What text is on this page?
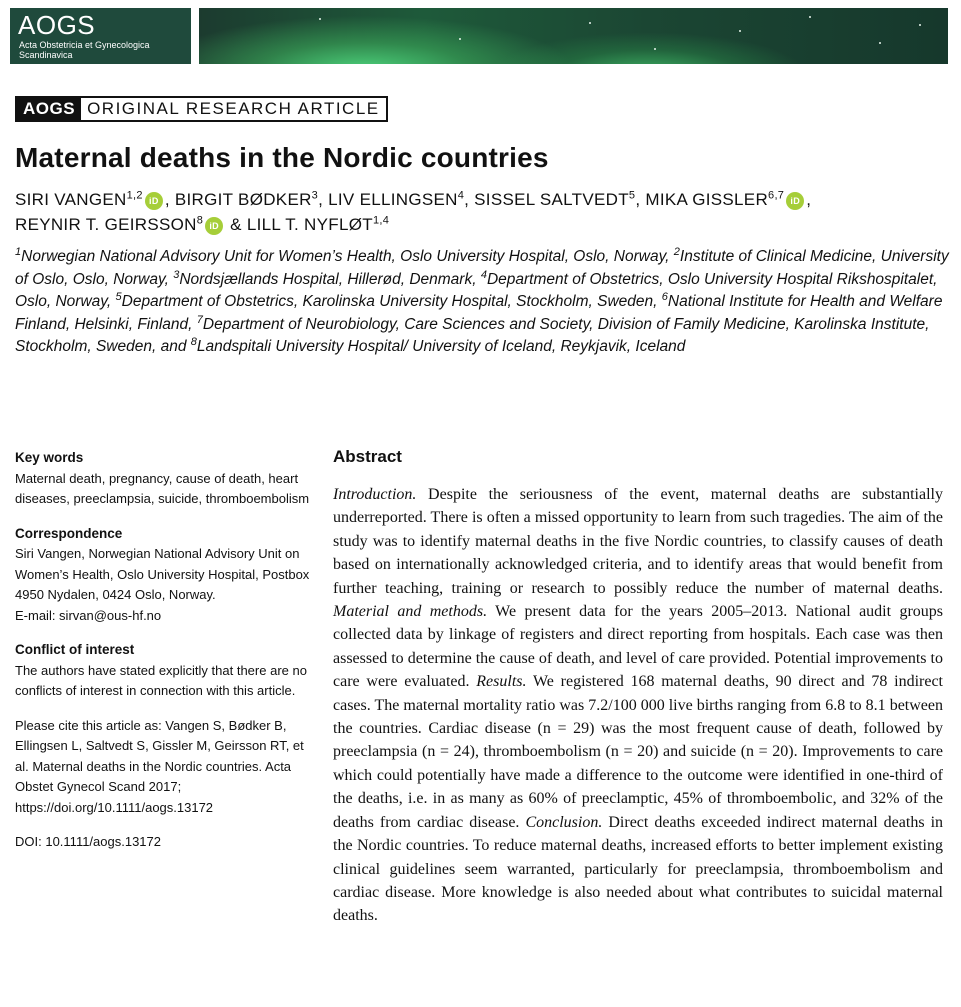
AOGS
Acta Obstetricia et Gynecologica
Scandinavica
AOGS ORIGINAL RESEARCH ARTICLE
Maternal deaths in the Nordic countries
SIRI VANGEN$^{1,2}$ iD , BIRGIT BØDKER$^3$, LIV ELLINGSEN$^4$, SISSEL SALTVEDT$^5$, MIKA GISSLER$^{6,7}$ iD ,
REYNIR T. GEIRSSON$^8$ iD & LILL T. NYFLØT$^{1,4}$
$^1$Norwegian National Advisory Unit for Women’s Health, Oslo University Hospital, Oslo, Norway, $^2$Institute of Clinical Medicine, University of Oslo, Oslo, Norway, $^3$Nordsjællands Hospital, Hillerød, Denmark, $^4$Department of Obstetrics, Oslo University Hospital Rikshospitalet, Oslo, Norway, $^5$Department of Obstetrics, Karolinska University Hospital, Stockholm, Sweden, $^6$National Institute for Health and Welfare Finland, Helsinki, Finland, $^7$Department of Neurobiology, Care Sciences and Society, Division of Family Medicine, Karolinska Institute, Stockholm, Sweden, and $^8$Landspitali University Hospital/ University of Iceland, Reykjavik, Iceland
Key words
Maternal death, pregnancy, cause of death, heart diseases, preeclampsia, suicide, thromboembolism
Correspondence
Siri Vangen, Norwegian National Advisory Unit on Women’s Health, Oslo University Hospital, Postbox 4950 Nydalen, 0424 Oslo, Norway.
E-mail: sirvan@ous-hf.no
Conflict of interest
The authors have stated explicitly that there are no conflicts of interest in connection with this article.
Please cite this article as: Vangen S, Bødker B, Ellingsen L, Saltvedt S, Gissler M, Geirsson RT, et al. Maternal deaths in the Nordic countries. Acta Obstet Gynecol Scand 2017; https://doi.org/10.1111/aogs.13172
DOI: 10.1111/aogs.13172
Abstract
Introduction. Despite the seriousness of the event, maternal deaths are substantially underreported. There is often a missed opportunity to learn from such tragedies. The aim of the study was to identify maternal deaths in the five Nordic countries, to classify causes of death based on internationally acknowledged criteria, and to identify areas that would benefit from further teaching, training or research to possibly reduce the number of maternal deaths. Material and methods. We present data for the years 2005–2013. National audit groups collected data by linkage of registers and direct reporting from hospitals. Each case was then assessed to determine the cause of death, and level of care provided. Potential improvements to care were evaluated. Results. We registered 168 maternal deaths, 90 direct and 78 indirect cases. The maternal mortality ratio was 7.2/100 000 live births ranging from 6.8 to 8.1 between the countries. Cardiac disease (n = 29) was the most frequent cause of death, followed by preeclampsia (n = 24), thromboembolism (n = 20) and suicide (n = 20). Improvements to care which could potentially have made a difference to the outcome were identified in one-third of the deaths, i.e. in as many as 60% of preeclamptic, 45% of thromboembolic, and 32% of the deaths from cardiac disease. Conclusion. Direct deaths exceeded indirect maternal deaths in the Nordic countries. To reduce maternal deaths, increased efforts to better implement existing clinical guidelines seem warranted, particularly for preeclampsia, thromboembolism and cardiac disease. More knowledge is also needed about what contributes to suicidal maternal deaths.
